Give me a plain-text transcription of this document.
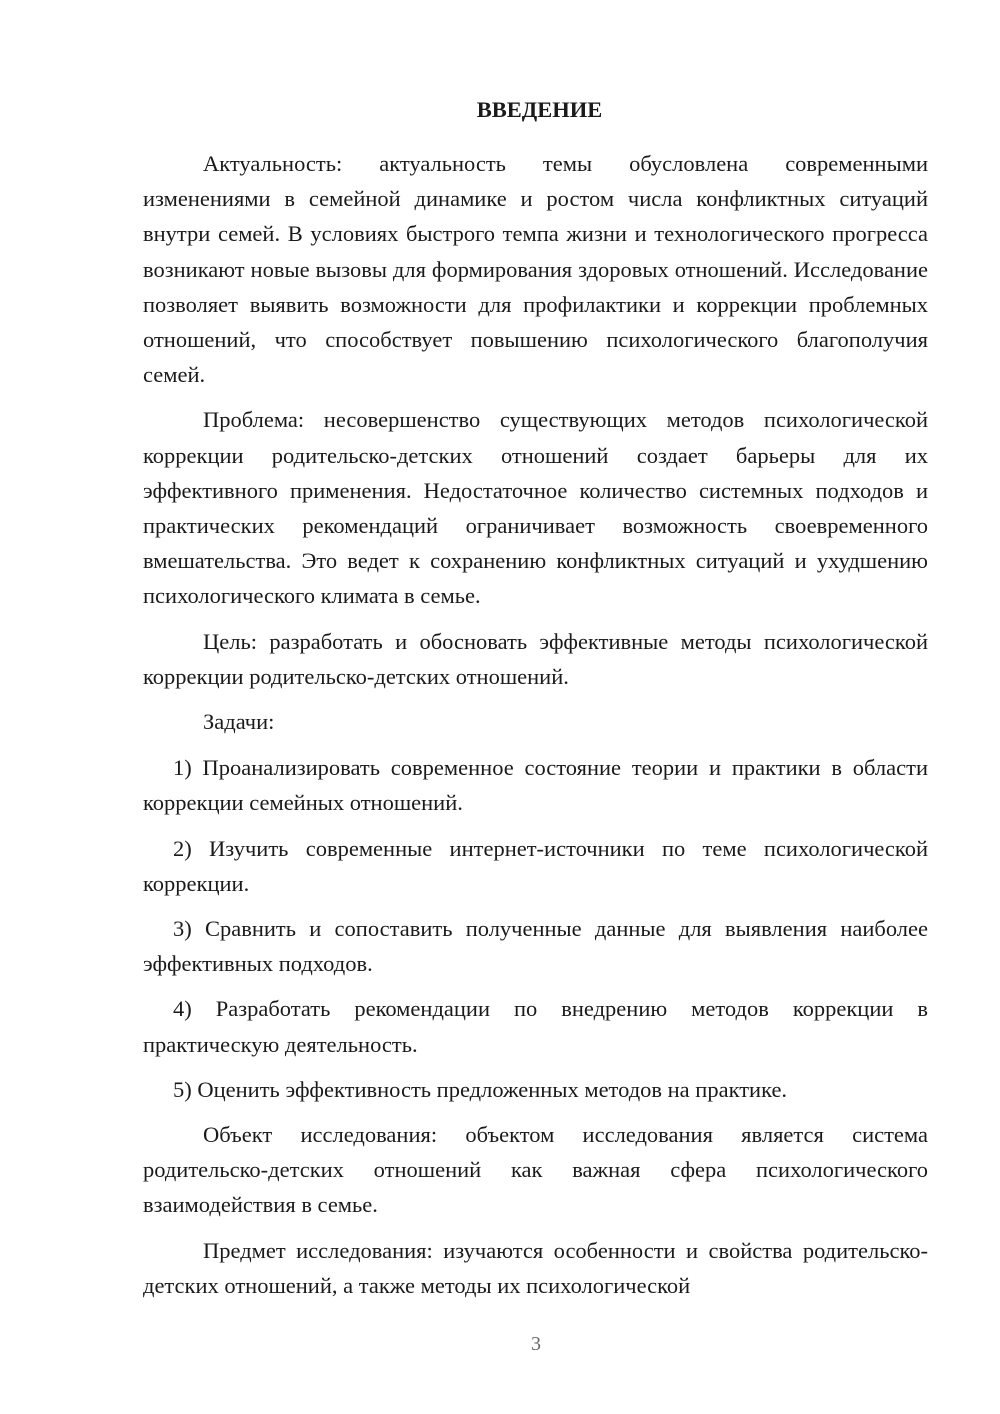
ВВЕДЕНИЕ

Актуальность: актуальность темы обусловлена современными изменениями в семейной динамике и ростом числа конфликтных ситуаций внутри семей. В условиях быстрого темпа жизни и технологического прогресса возникают новые вызовы для формирования здоровых отношений. Исследование позволяет выявить возможности для профилактики и коррекции проблемных отношений, что способствует повышению психологического благополучия семей.

Проблема: несовершенство существующих методов психологической коррекции родительско-детских отношений создает барьеры для их эффективного применения. Недостаточное количество системных подходов и практических рекомендаций ограничивает возможность своевременного вмешательства. Это ведет к сохранению конфликтных ситуаций и ухудшению психологического климата в семье.

Цель: разработать и обосновать эффективные методы психологической коррекции родительско-детских отношений.

Задачи:

1) Проанализировать современное состояние теории и практики в области коррекции семейных отношений.

2) Изучить современные интернет-источники по теме психологической коррекции.

3) Сравнить и сопоставить полученные данные для выявления наиболее эффективных подходов.

4) Разработать рекомендации по внедрению методов коррекции в практическую деятельность.

5) Оценить эффективность предложенных методов на практике.

Объект исследования: объектом исследования является система родительско-детских отношений как важная сфера психологического взаимодействия в семье.

Предмет исследования: изучаются особенности и свойства родительско-детских отношений, а также методы их психологической

3
